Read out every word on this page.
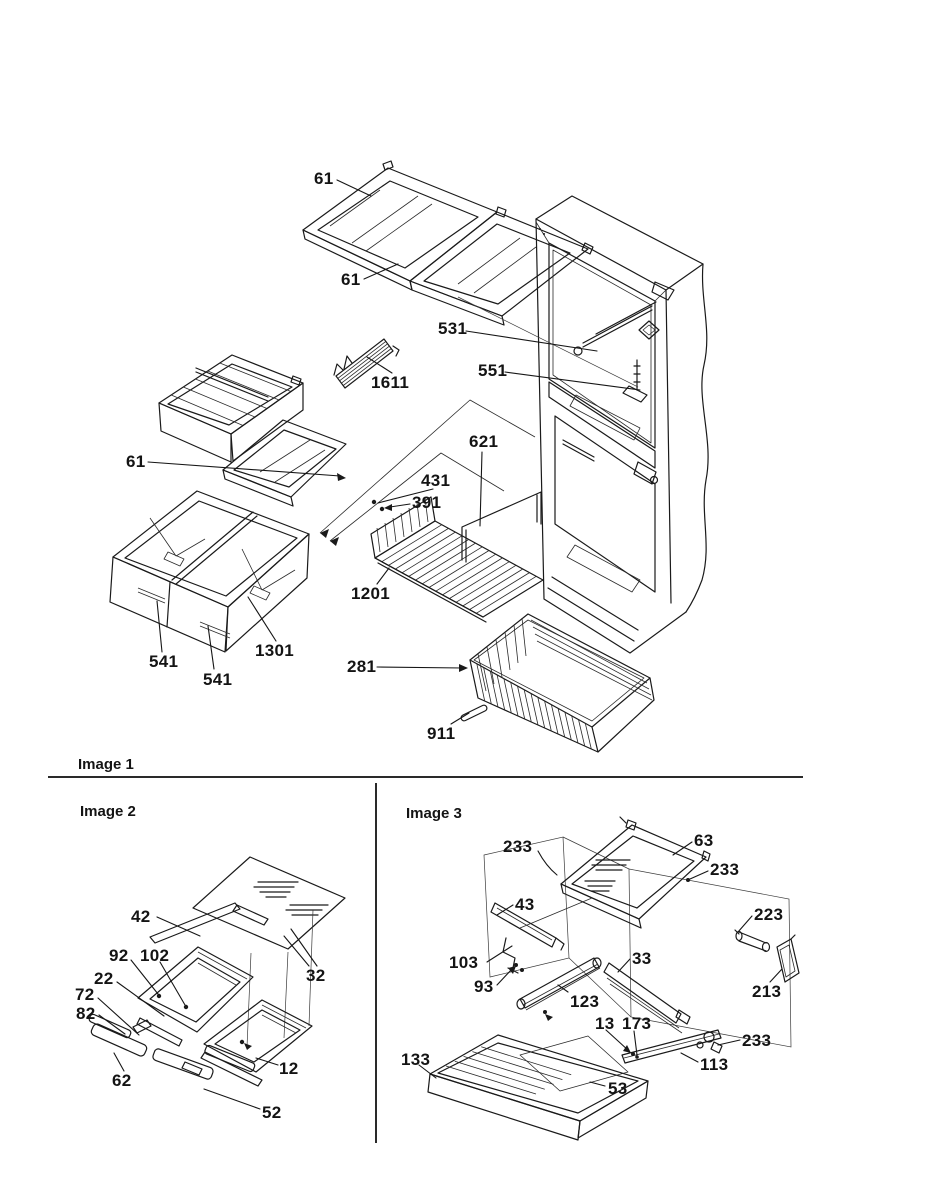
Image 1
Image 2	Image 3
61
61
531
551
1611
61
431
391
621
1201
1301
541
541
281
911
42
92 102
22
72
82
62
32
12
52
233	63
233
43
223
103
93
33
123
213
13 173
233
113
133
53
